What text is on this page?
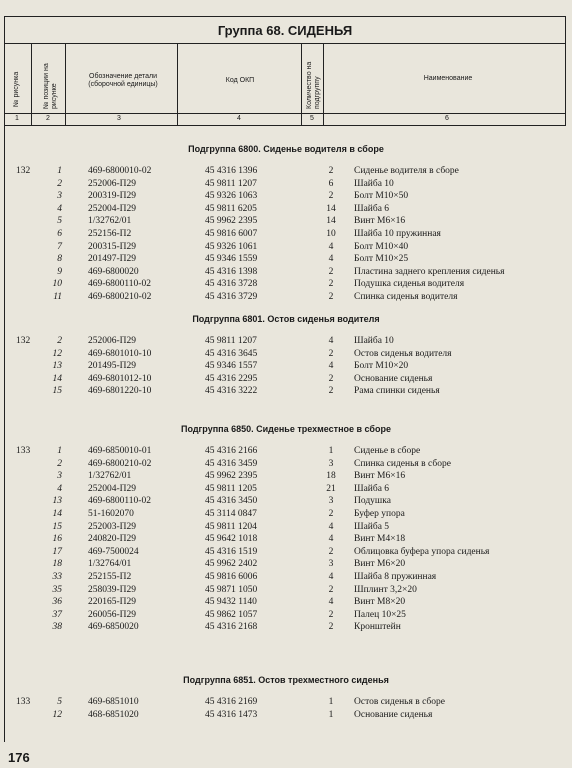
Группа 68. СИДЕНЬЯ
№ рисунка	№ позиции на рисунке
Обозначение детали (сборочной единицы)
Код ОКП	Количество на подгруппу	Наименование
1	2	3	4	5	6
Подгруппа 6800. Сиденье водителя в сборе
132	1	469-6800010-02	45 4316 1396	2	Сиденье водителя в сборе
2	252006-П29	45 9811 1207	6	Шайба 10
3	200319-П29	45 9326 1063	2	Болт М10×50
4	252004-П29	45 9811 6205	14 Шайба 6
5	1/32762/01	45 9962 2395	14 Винт М6×16
6	252156-П2	45 9816 6007	10 Шайба 10 пружинная
7	200315-П29	45 9326 1061	4	Болт М10×40
8	201497-П29	45 9346 1559	4	Болт М10×25
9	469-6800020	45 4316 1398	2	Пластина заднего крепления сиденья
10	469-6800110-02	45 4316 3728	2	Подушка сиденья водителя
11	469-6800210-02	45 4316 3729	2	Спинка сиденья водителя
Подгруппа 6801. Остов сиденья водителя
132	2	252006-П29	45 9811 1207	4	Шайба 10
12	469-6801010-10	45 4316 3645	2	Остов сиденья водителя
13	201495-П29	45 9346 1557	4	Болт М10×20
14	469-6801012-10	45 4316 2295	2	Основание сиденья
15	469-6801220-10	45 4316 3222	2	Рама спинки сиденья
Подгруппа 6850. Сиденье трехместное в сборе
133	1	469-6850010-01	45 4316 2166	1	Сиденье в сборе
2	469-6800210-02	45 4316 3459	3	Спинка сиденья в сборе
3	1/32762/01	45 9962 2395	18 Винт М6×16
4	252004-П29	45 9811 1205	21 Шайба 6
13	469-6800110-02	45 4316 3450	3	Подушка
14	51-1602070	45 3114 0847	2	Буфер упора
15	252003-П29	45 9811 1204	4	Шайба 5
16	240820-П29	45 9642 1018	4	Винт М4×18
17	469-7500024	45 4316 1519	2	Облицовка буфера упора сиденья
18	1/32764/01	45 9962 2402	3	Винт М6×20
33	252155-П2	45 9816 6006	4	Шайба 8 пружинная
35	258039-П29	45 9871 1050	2	Шплинт 3,2×20
36	220165-П29	45 9432 1140	4	Винт М8×20
37	260056-П29	45 9862 1057	2	Палец 10×25
38	469-6850020	45 4316 2168	2	Кронштейн
Подгруппа 6851. Остов трехместного сиденья
133	5	469-6851010	45 4316 2169	1	Остов сиденья в сборе
12	468-6851020	45 4316 1473	1	Основание сиденья
176
